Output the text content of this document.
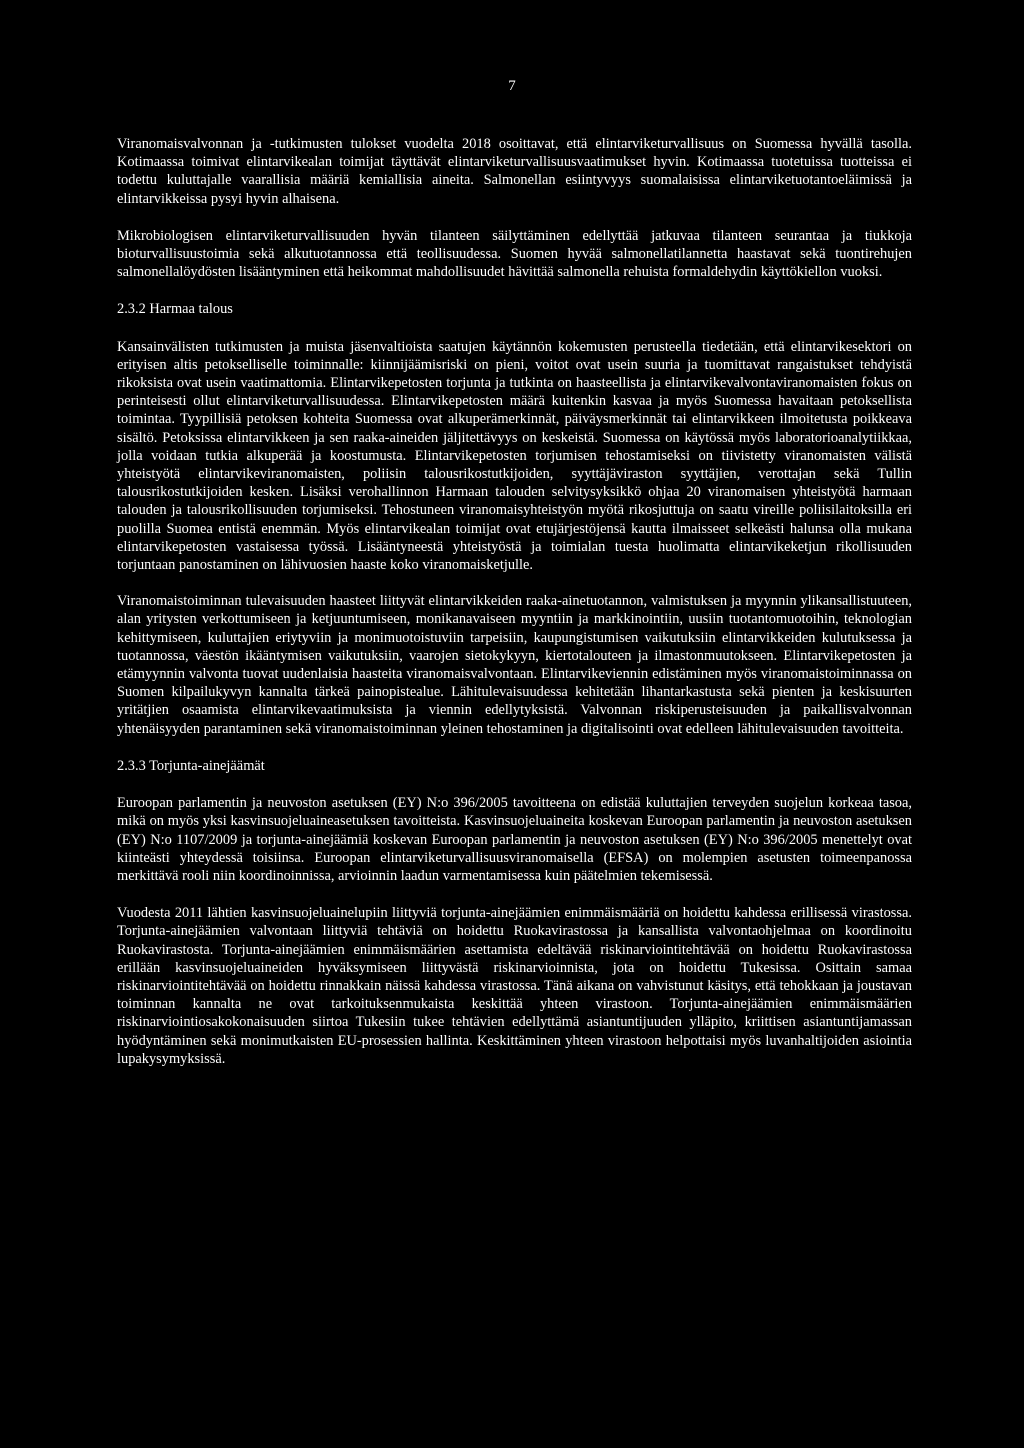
7

Viranomaisvalvonnan ja -tutkimusten tulokset vuodelta 2018 osoittavat, että elintarviketurvallisuus on Suomessa hyvällä tasolla. Kotimaassa toimivat elintarvikealan toimijat täyttävät elintarviketurvallisuusvaatimukset hyvin. Kotimaassa tuotetuissa tuotteissa ei todettu kuluttajalle vaarallisia määriä kemiallisia aineita. Salmonellan esiintyvyys suomalaisissa elintarviketuotantoeläimissä ja elintarvikkeissa pysyi hyvin alhaisena.

Mikrobiologisen elintarviketurvallisuuden hyvän tilanteen säilyttäminen edellyttää jatkuvaa tilanteen seurantaa ja tiukkoja bioturvallisuustoimia sekä alkutuotannossa että teollisuudessa. Suomen hyvää salmonellatilannetta haastavat sekä tuontirehujen salmonellalöydösten lisääntyminen että heikommat mahdollisuudet hävittää salmonella rehuista formaldehydin käyttökiellon vuoksi.

2.3.2 Harmaa talous

Kansainvälisten tutkimusten ja muista jäsenvaltioista saatujen käytännön kokemusten perusteella tiedetään, että elintarvikesektori on erityisen altis petokselliselle toiminnalle: kiinnijäämisriski on pieni, voitot ovat usein suuria ja tuomittavat rangaistukset tehdyistä rikoksista ovat usein vaatimattomia. Elintarvikepetosten torjunta ja tutkinta on haasteellista ja elintarvikevalvontaviranomaisten fokus on perinteisesti ollut elintarviketurvallisuudessa. Elintarvikepetosten määrä kuitenkin kasvaa ja myös Suomessa havaitaan petoksellista toimintaa. Tyypillisiä petoksen kohteita Suomessa ovat alkuperämerkinnät, päiväysmerkinnät tai elintarvikkeen ilmoitetusta poikkeava sisältö. Petoksissa elintarvikkeen ja sen raaka-aineiden jäljitettävyys on keskeistä. Suomessa on käytössä myös laboratorioanalytiikkaa, jolla voidaan tutkia alkuperää ja koostumusta. Elintarvikepetosten torjumisen tehostamiseksi on tiivistetty viranomaisten välistä yhteistyötä elintarvikeviranomaisten, poliisin talousrikostutkijoiden, syyttäjäviraston syyttäjien, verottajan sekä Tullin talousrikostutkijoiden kesken. Lisäksi verohallinnon Harmaan talouden selvitysyksikkö ohjaa 20 viranomaisen yhteistyötä harmaan talouden ja talousrikollisuuden torjumiseksi. Tehostuneen viranomaisyhteistyön myötä rikosjuttuja on saatu vireille poliisilaitoksilla eri puolilla Suomea entistä enemmän. Myös elintarvikealan toimijat ovat etujärjestöjensä kautta ilmaisseet selkeästi halunsa olla mukana elintarvikepetosten vastaisessa työssä. Lisääntyneestä yhteistyöstä ja toimialan tuesta huolimatta elintarvikeketjun rikollisuuden torjuntaan panostaminen on lähivuosien haaste koko viranomaisketjulle.

Viranomaistoiminnan tulevaisuuden haasteet liittyvät elintarvikkeiden raaka-ainetuotannon, valmistuksen ja myynnin ylikansallistuuteen, alan yritysten verkottumiseen ja ketjuuntumiseen, monikanavaiseen myyntiin ja markkinointiin, uusiin tuotantomuotoihin, teknologian kehittymiseen, kuluttajien eriytyviin ja monimuotoistuviin tarpeisiin, kaupungistumisen vaikutuksiin elintarvikkeiden kulutuksessa ja tuotannossa, väestön ikääntymisen vaikutuksiin, vaarojen sietokykyyn, kiertotalouteen ja ilmastonmuutokseen. Elintarvikepetosten ja etämyynnin valvonta tuovat uudenlaisia haasteita viranomaisvalvontaan. Elintarvikeviennin edistäminen myös viranomaistoiminnassa on Suomen kilpailukyvyn kannalta tärkeä painopistealue. Lähitulevaisuudessa kehitetään lihantarkastusta sekä pienten ja keskisuurten yritätjien osaamista elintarvikevaatimuksista ja viennin edellytyksistä. Valvonnan riskiperusteisuuden ja paikallisvalvonnan yhtenäisyyden parantaminen sekä viranomaistoiminnan yleinen tehostaminen ja digitalisointi ovat edelleen lähitulevaisuuden tavoitteita.

2.3.3 Torjunta-ainejäämät

Euroopan parlamentin ja neuvoston asetuksen (EY) N:o 396/2005 tavoitteena on edistää kuluttajien terveyden suojelun korkeaa tasoa, mikä on myös yksi kasvinsuojeluaineasetuksen tavoitteista. Kasvinsuojeluaineita koskevan Euroopan parlamentin ja neuvoston asetuksen (EY) N:o 1107/2009 ja torjunta-ainejäämiä koskevan Euroopan parlamentin ja neuvoston asetuksen (EY) N:o 396/2005 menettelyt ovat kiinteästi yhteydessä toisiinsa. Euroopan elintarviketurvallisuusviranomaisella (EFSA) on molempien asetusten toimeenpanossa merkittävä rooli niin koordinoinnissa, arvioinnin laadun varmentamisessa kuin päätelmien tekemisessä.

Vuodesta 2011 lähtien kasvinsuojeluainelupiin liittyviä torjunta-ainejäämien enimmäismääriä on hoidettu kahdessa erillisessä virastossa. Torjunta-ainejäämien valvontaan liittyviä tehtäviä on hoidettu Ruokavirastossa ja kansallista valvontaohjelmaa on koordinoitu Ruokavirastosta. Torjunta-ainejäämien enimmäismäärien asettamista edeltävää riskinarviointitehtävää on hoidettu Ruokavirastossa erillään kasvinsuojeluaineiden hyväksymiseen liittyvästä riskinarvioinnista, jota on hoidettu Tukesissa. Osittain samaa riskinarviointitehtävää on hoidettu rinnakkain näissä kahdessa virastossa. Tänä aikana on vahvistunut käsitys, että tehokkaan ja joustavan toiminnan kannalta ne ovat tarkoituksenmukaista keskittää yhteen virastoon. Torjunta-ainejäämien enimmäismäärien riskinarviointiosakokonaisuuden siirtoa Tukesiin tukee tehtävien edellyttämä asiantuntijuuden ylläpito, kriittisen asiantuntijamassan hyödyntäminen sekä monimutkaisten EU-prosessien hallinta. Keskittäminen yhteen virastoon helpottaisi myös luvanhaltijoiden asiointia lupakysymyksissä.
